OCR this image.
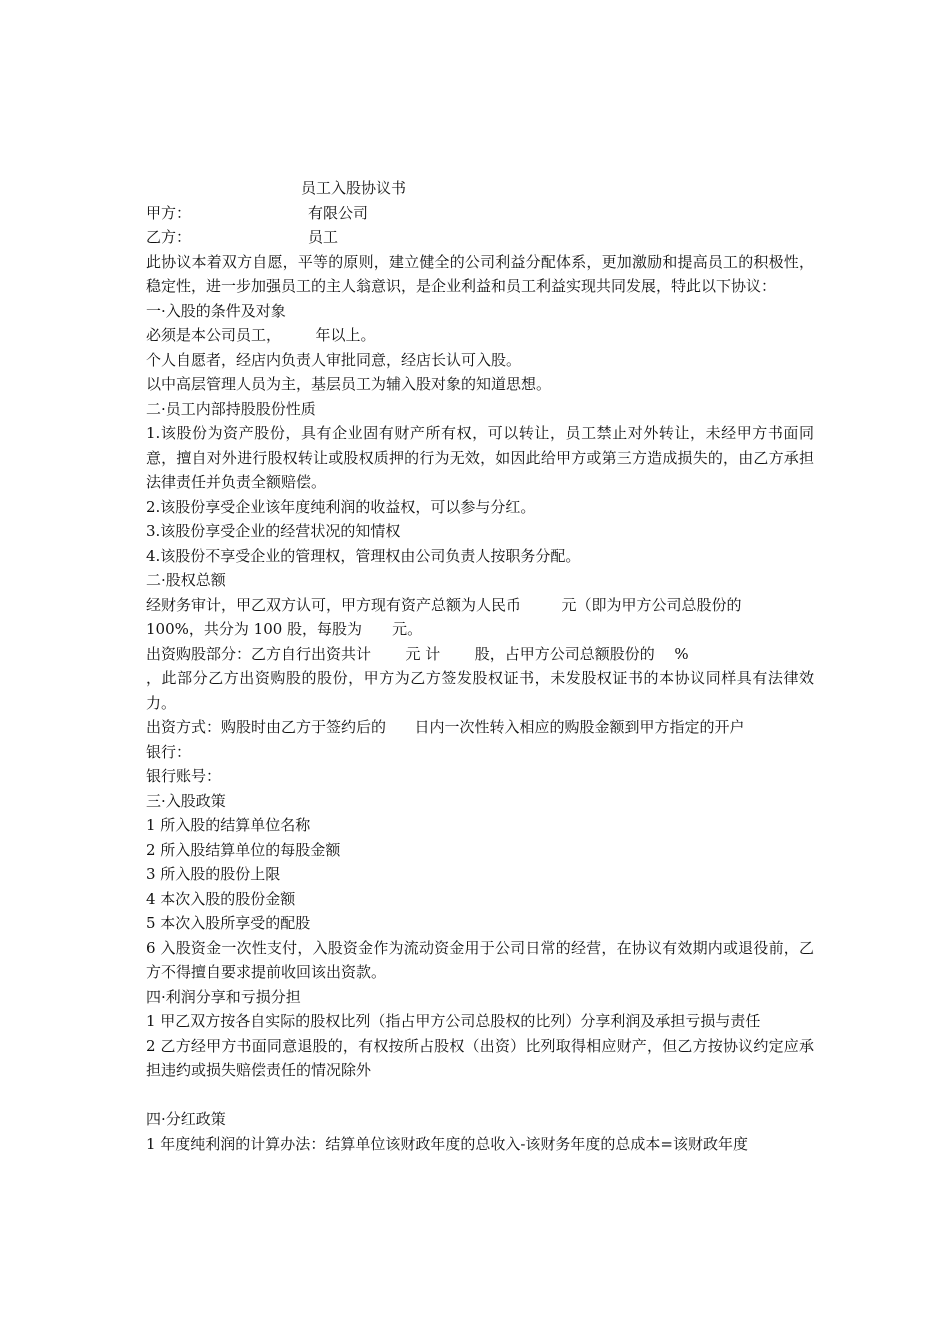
员工入股协议书
甲方：	有限公司
乙方：	员工
此协议本着双方自愿，平等的原则，建立健全的公司利益分配体系，更加激励和提高员工的积极性，稳定性，进一步加强员工的主人翁意识，是企业利益和员工利益实现共同发展，特此以下协议：
一·入股的条件及对象
必须是本公司员工， 年以上。
个人自愿者，经店内负责人审批同意，经店长认可入股。
以中高层管理人员为主，基层员工为辅入股对象的知道思想。
二·员工内部持股股份性质
1.该股份为资产股份，具有企业固有财产所有权，可以转让，员工禁止对外转让，未经甲方书面同意，擅自对外进行股权转让或股权质押的行为无效，如因此给甲方或第三方造成损失的，由乙方承担法律责任并负责全额赔偿。
2.该股份享受企业该年度纯利润的收益权，可以参与分红。
3.该股份享受企业的经营状况的知情权
4.该股份不享受企业的管理权，管理权由公司负责人按职务分配。
二·股权总额
经财务审计，甲乙双方认可，甲方现有资产总额为人民币	元（即为甲方公司总股份的
100%，共分为 100 股，每股为 元。
出资购股部分：乙方自行出资共计 元 计 股，占甲方公司总额股份的 %
，此部分乙方出资购股的股份，甲方为乙方签发股权证书，未发股权证书的本协议同样具有法律效力。
出资方式：购股时由乙方于签约后的 日内一次性转入相应的购股金额到甲方指定的开户
银行：
银行账号：
三·入股政策
1 所入股的结算单位名称
2 所入股结算单位的每股金额
3 所入股的股份上限
4 本次入股的股份金额
5 本次入股所享受的配股
6 入股资金一次性支付，入股资金作为流动资金用于公司日常的经营，在协议有效期内或退役前，乙方不得擅自要求提前收回该出资款。
四·利润分享和亏损分担
1 甲乙双方按各自实际的股权比列（指占甲方公司总股权的比列）分享利润及承担亏损与责任
2 乙方经甲方书面同意退股的，有权按所占股权（出资）比列取得相应财产，但乙方按协议约定应承担违约或损失赔偿责任的情况除外
四·分红政策
1 年度纯利润的计算办法：结算单位该财政年度的总收入-该财务年度的总成本=该财政年度
